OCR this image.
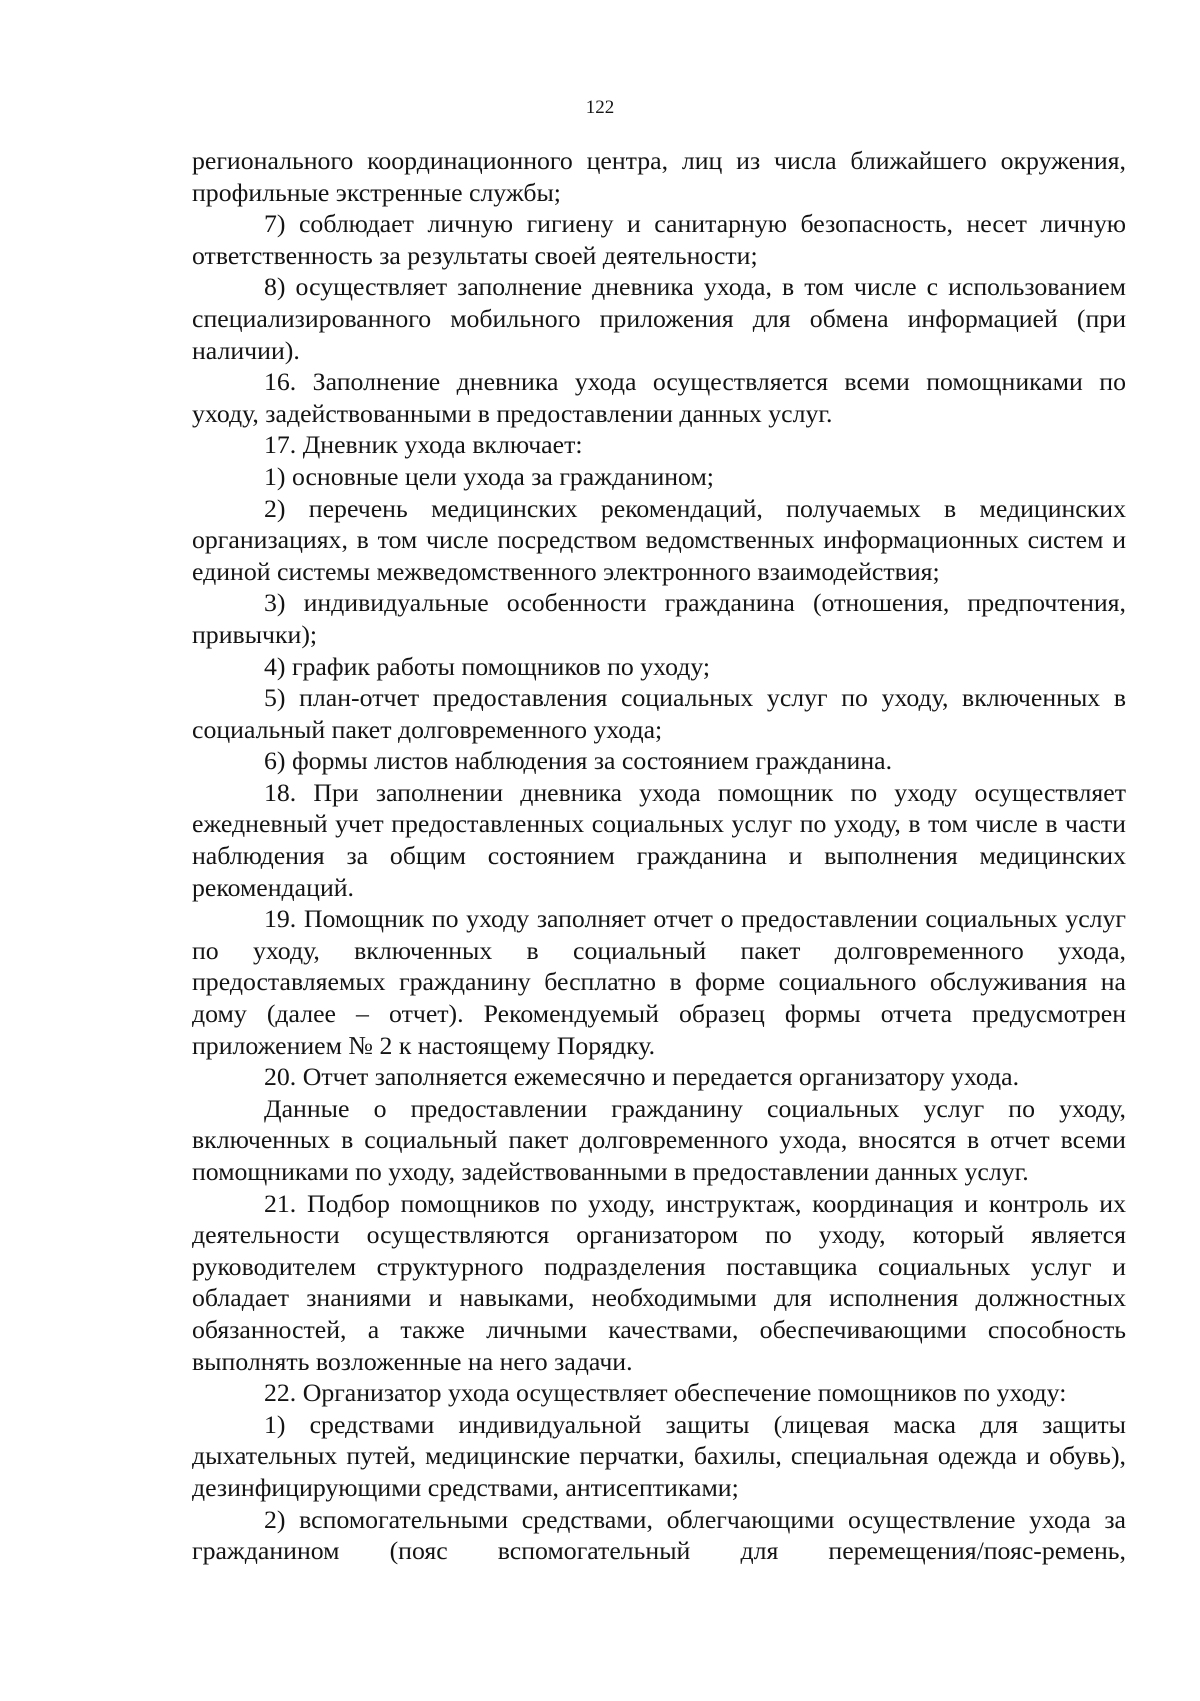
122

регионального координационного центра, лиц из числа ближайшего окружения, профильные экстренные службы;

7) соблюдает личную гигиену и санитарную безопасность, несет личную ответственность за результаты своей деятельности;

8) осуществляет заполнение дневника ухода, в том числе с использованием специализированного мобильного приложения для обмена информацией (при наличии).

16. Заполнение дневника ухода осуществляется всеми помощниками по уходу, задействованными в предоставлении данных услуг.

17. Дневник ухода включает:

1) основные цели ухода за гражданином;

2) перечень медицинских рекомендаций, получаемых в медицинских организациях, в том числе посредством ведомственных информационных систем и единой системы межведомственного электронного взаимодействия;

3) индивидуальные особенности гражданина (отношения, предпочтения, привычки);

4) график работы помощников по уходу;

5) план-отчет предоставления социальных услуг по уходу, включенных в социальный пакет долговременного ухода;

6) формы листов наблюдения за состоянием гражданина.

18. При заполнении дневника ухода помощник по уходу осуществляет ежедневный учет предоставленных социальных услуг по уходу, в том числе в части наблюдения за общим состоянием гражданина и выполнения медицинских рекомендаций.

19. Помощник по уходу заполняет отчет о предоставлении социальных услуг по уходу, включенных в социальный пакет долговременного ухода, предоставляемых гражданину бесплатно в форме социального обслуживания на дому (далее – отчет). Рекомендуемый образец формы отчета предусмотрен приложением № 2 к настоящему Порядку.

20. Отчет заполняется ежемесячно и передается организатору ухода.

Данные о предоставлении гражданину социальных услуг по уходу, включенных в социальный пакет долговременного ухода, вносятся в отчет всеми помощниками по уходу, задействованными в предоставлении данных услуг.

21. Подбор помощников по уходу, инструктаж, координация и контроль их деятельности осуществляются организатором по уходу, который является руководителем структурного подразделения поставщика социальных услуг и обладает знаниями и навыками, необходимыми для исполнения должностных обязанностей, а также личными качествами, обеспечивающими способность выполнять возложенные на него задачи.

22. Организатор ухода осуществляет обеспечение помощников по уходу:

1) средствами индивидуальной защиты (лицевая маска для защиты дыхательных путей, медицинские перчатки, бахилы, специальная одежда и обувь), дезинфицирующими средствами, антисептиками;

2) вспомогательными средствами, облегчающими осуществление ухода за гражданином (пояс вспомогательный для перемещения/пояс-ремень,
